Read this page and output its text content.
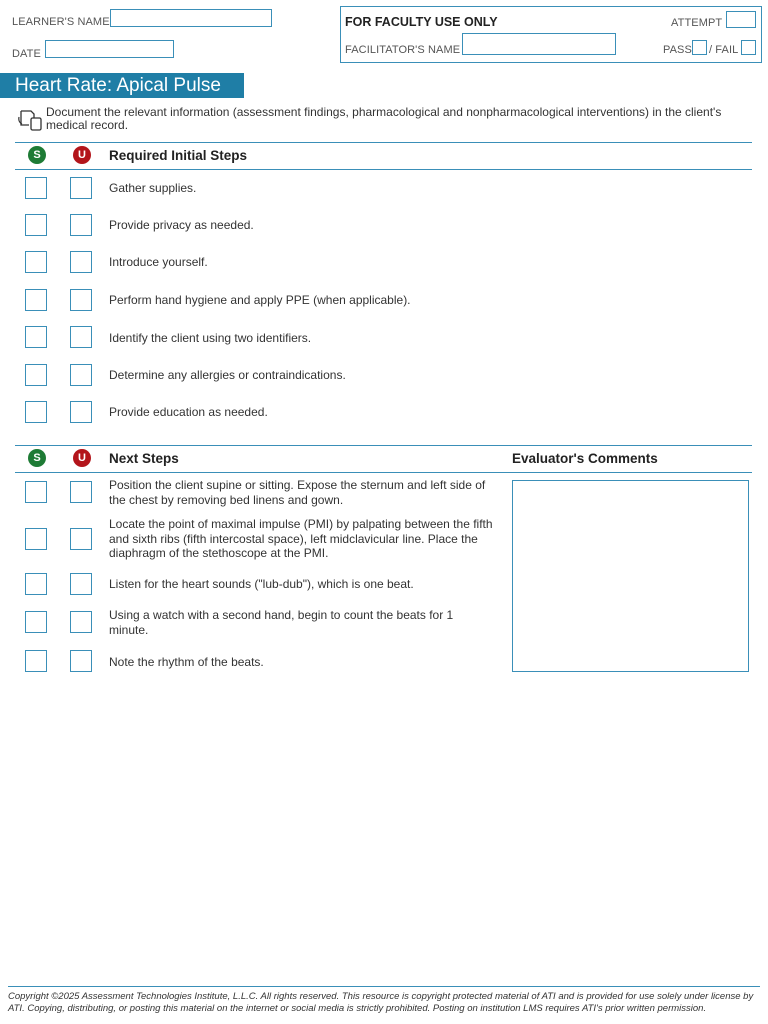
LEARNER'S NAME
DATE
FOR FACULTY USE ONLY	ATTEMPT
FACILITATOR'S NAME	PASS / FAIL
Heart Rate: Apical Pulse
Document the relevant information (assessment findings, pharmacological and nonpharmacological interventions) in the client's medical record.
S	U	Required Initial Steps
Gather supplies.
Provide privacy as needed.
Introduce yourself.
Perform hand hygiene and apply PPE (when applicable).
Identify the client using two identifiers.
Determine any allergies or contraindications.
Provide education as needed.
S	U	Next Steps	Evaluator's Comments
Position the client supine or sitting. Expose the sternum and left side of the chest by removing bed linens and gown.
Locate the point of maximal impulse (PMI) by palpating between the fifth and sixth ribs (fifth intercostal space), left midclavicular line. Place the diaphragm of the stethoscope at the PMI.
Listen for the heart sounds ("lub-dub"), which is one beat.
Using a watch with a second hand, begin to count the beats for 1 minute.
Note the rhythm of the beats.
Copyright ©2025 Assessment Technologies Institute, L.L.C. All rights reserved. This resource is copyright protected material of ATI and is provided for use solely under license by ATI. Copying, distributing, or posting this material on the internet or social media is strictly prohibited. Posting on institution LMS requires ATI's prior written permission.
